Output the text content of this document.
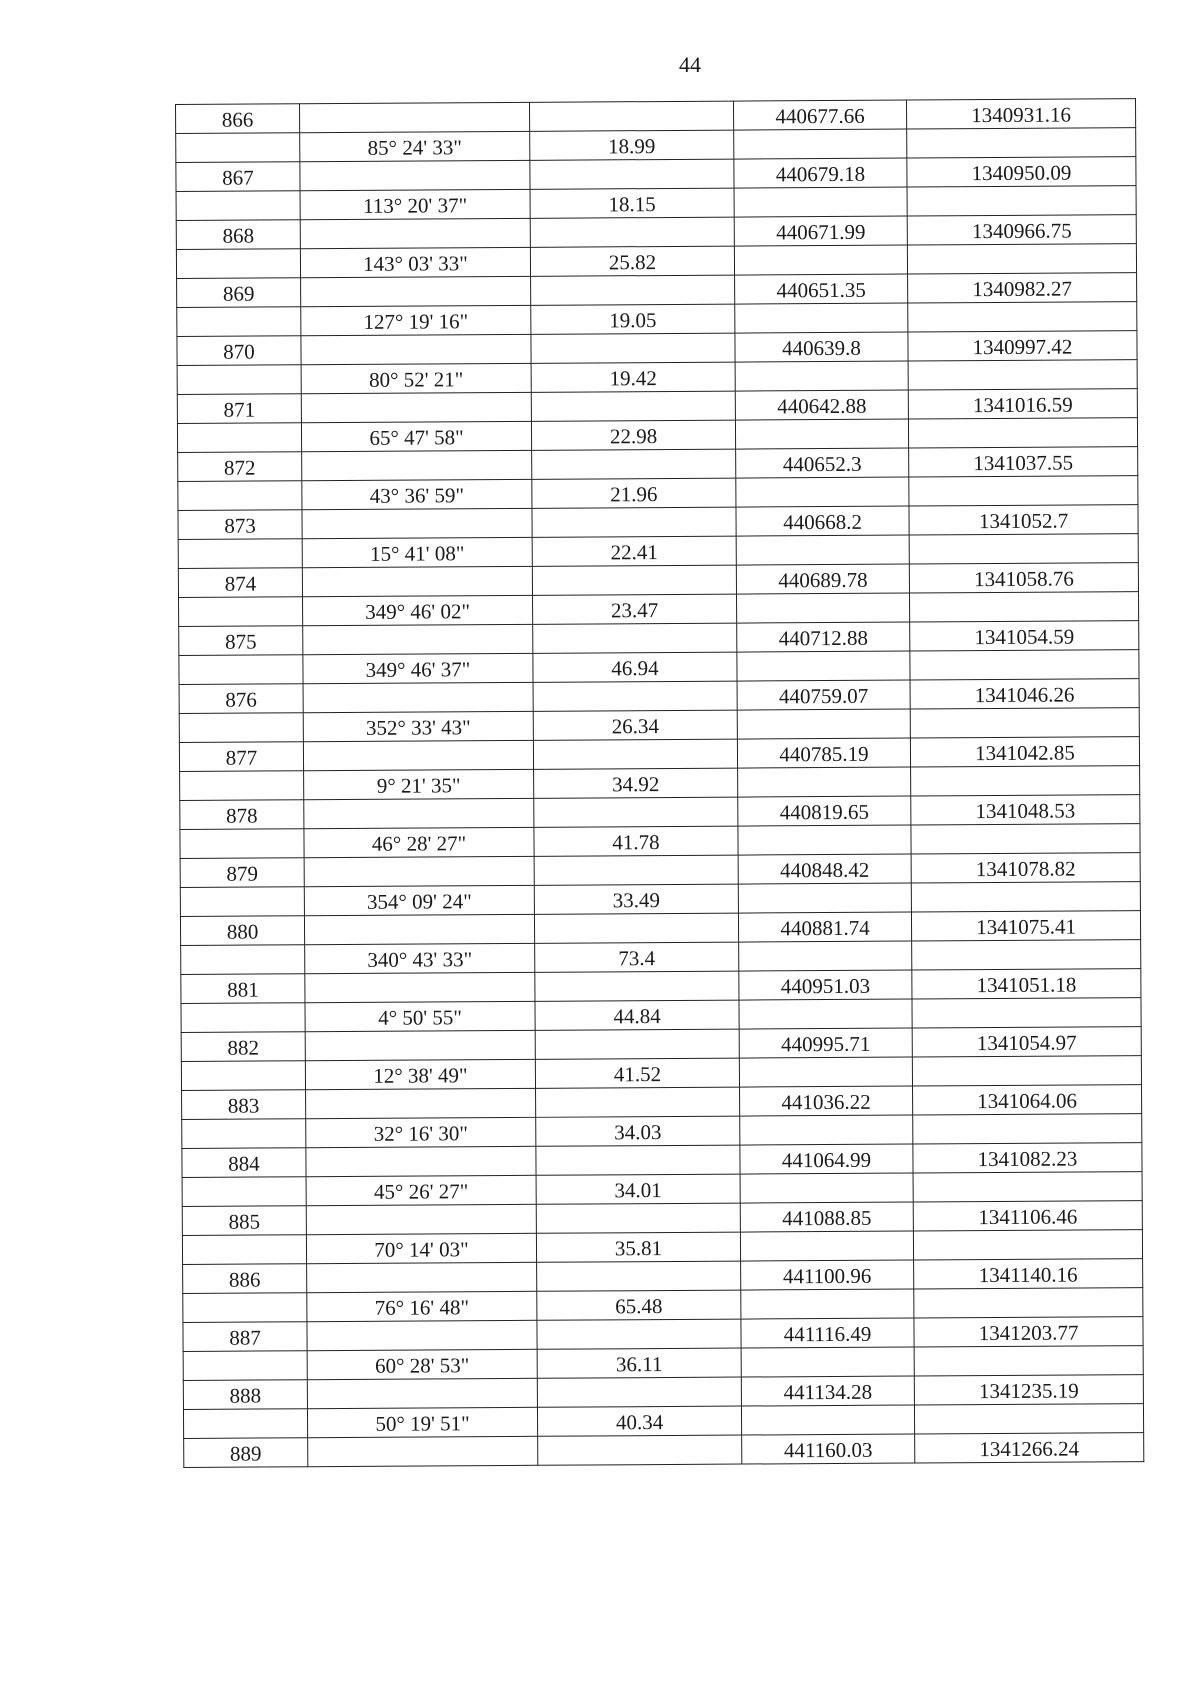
44
866			440677.66	1340931.16
	85° 24' 33"	18.99		
867			440679.18	1340950.09
	113° 20' 37"	18.15		
868			440671.99	1340966.75
	143° 03' 33"	25.82		
869			440651.35	1340982.27
	127° 19' 16"	19.05		
870			440639.8	1340997.42
	80° 52' 21"	19.42		
871			440642.88	1341016.59
	65° 47' 58"	22.98		
872			440652.3	1341037.55
	43° 36' 59"	21.96		
873			440668.2	1341052.7
	15° 41' 08"	22.41		
874			440689.78	1341058.76
	349° 46' 02"	23.47		
875			440712.88	1341054.59
	349° 46' 37"	46.94		
876			440759.07	1341046.26
	352° 33' 43"	26.34		
877			440785.19	1341042.85
	9° 21' 35"	34.92		
878			440819.65	1341048.53
	46° 28' 27"	41.78		
879			440848.42	1341078.82
	354° 09' 24"	33.49		
880			440881.74	1341075.41
	340° 43' 33"	73.4		
881			440951.03	1341051.18
	4° 50' 55"	44.84		
882			440995.71	1341054.97
	12° 38' 49"	41.52		
883			441036.22	1341064.06
	32° 16' 30"	34.03		
884			441064.99	1341082.23
	45° 26' 27"	34.01		
885			441088.85	1341106.46
	70° 14' 03"	35.81		
886			441100.96	1341140.16
	76° 16' 48"	65.48		
887			441116.49	1341203.77
	60° 28' 53"	36.11		
888			441134.28	1341235.19
	50° 19' 51"	40.34		
889			441160.03	1341266.24
